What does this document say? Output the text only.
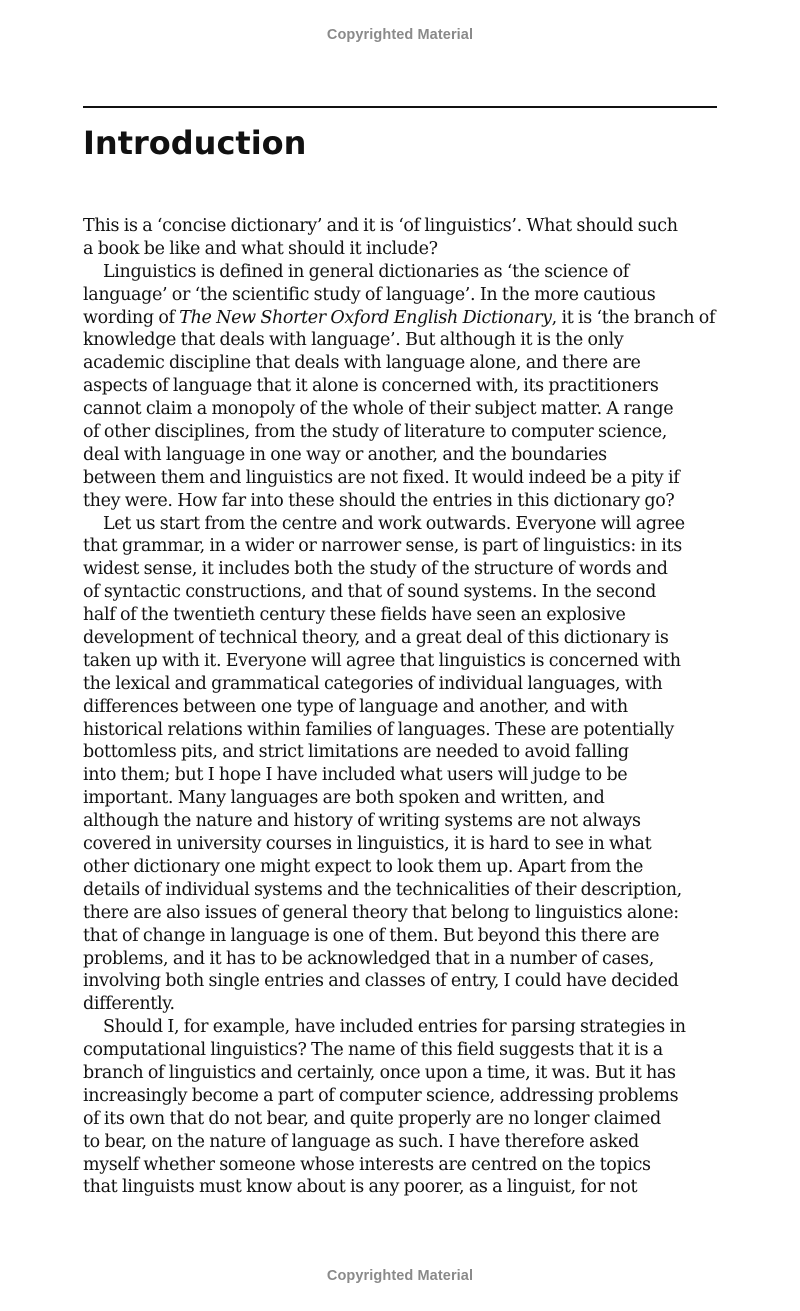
Copyrighted Material
Introduction
This is a ‘concise dictionary’ and it is ‘of linguistics’. What should such
a book be like and what should it include?
Linguistics is defined in general dictionaries as ‘the science of
language’ or ‘the scientific study of language’. In the more cautious
wording of The New Shorter Oxford English Dictionary, it is ‘the branch of
knowledge that deals with language’. But although it is the only
academic discipline that deals with language alone, and there are
aspects of language that it alone is concerned with, its practitioners
cannot claim a monopoly of the whole of their subject matter. A range
of other disciplines, from the study of literature to computer science,
deal with language in one way or another, and the boundaries
between them and linguistics are not fixed. It would indeed be a pity if
they were. How far into these should the entries in this dictionary go?
Let us start from the centre and work outwards. Everyone will agree
that grammar, in a wider or narrower sense, is part of linguistics: in its
widest sense, it includes both the study of the structure of words and
of syntactic constructions, and that of sound systems. In the second
half of the twentieth century these fields have seen an explosive
development of technical theory, and a great deal of this dictionary is
taken up with it. Everyone will agree that linguistics is concerned with
the lexical and grammatical categories of individual languages, with
differences between one type of language and another, and with
historical relations within families of languages. These are potentially
bottomless pits, and strict limitations are needed to avoid falling
into them; but I hope I have included what users will judge to be
important. Many languages are both spoken and written, and
although the nature and history of writing systems are not always
covered in university courses in linguistics, it is hard to see in what
other dictionary one might expect to look them up. Apart from the
details of individual systems and the technicalities of their description,
there are also issues of general theory that belong to linguistics alone:
that of change in language is one of them. But beyond this there are
problems, and it has to be acknowledged that in a number of cases,
involving both single entries and classes of entry, I could have decided
differently.
Should I, for example, have included entries for parsing strategies in
computational linguistics? The name of this field suggests that it is a
branch of linguistics and certainly, once upon a time, it was. But it has
increasingly become a part of computer science, addressing problems
of its own that do not bear, and quite properly are no longer claimed
to bear, on the nature of language as such. I have therefore asked
myself whether someone whose interests are centred on the topics
that linguists must know about is any poorer, as a linguist, for not
Copyrighted Material
